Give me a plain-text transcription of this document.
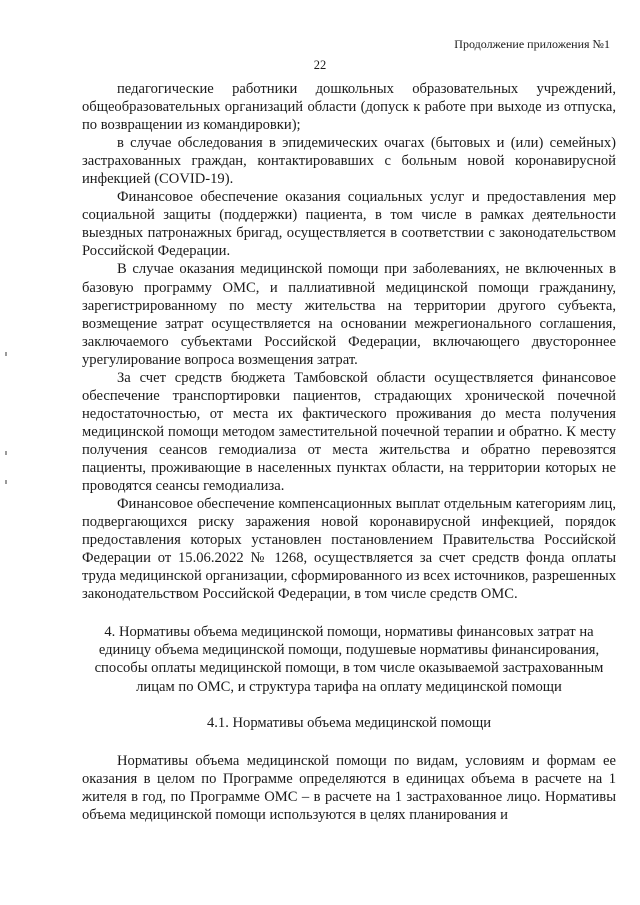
Продолжение приложения №1
22

педагогические работники дошкольных образовательных учреждений, общеобразовательных организаций области (допуск к работе при выходе из отпуска, по возвращении из командировки);

в случае обследования в эпидемических очагах (бытовых и (или) семейных) застрахованных граждан, контактировавших с больным новой коронавирусной инфекцией (COVID-19).

Финансовое обеспечение оказания социальных услуг и предоставления мер социальной защиты (поддержки) пациента, в том числе в рамках деятельности выездных патронажных бригад, осуществляется в соответствии с законодательством Российской Федерации.

В случае оказания медицинской помощи при заболеваниях, не включенных в базовую программу ОМС, и паллиативной медицинской помощи гражданину, зарегистрированному по месту жительства на территории другого субъекта, возмещение затрат осуществляется на основании межрегионального соглашения, заключаемого субъектами Российской Федерации, включающего двустороннее урегулирование вопроса возмещения затрат.

За счет средств бюджета Тамбовской области осуществляется финансовое обеспечение транспортировки пациентов, страдающих хронической почечной недостаточностью, от места их фактического проживания до места получения медицинской помощи методом заместительной почечной терапии и обратно. К месту получения сеансов гемодиализа от места жительства и обратно перевозятся пациенты, проживающие в населенных пунктах области, на территории которых не проводятся сеансы гемодиализа.

Финансовое обеспечение компенсационных выплат отдельным категориям лиц, подвергающихся риску заражения новой коронавирусной инфекцией, порядок предоставления которых установлен постановлением Правительства Российской Федерации от 15.06.2022 № 1268, осуществляется за счет средств фонда оплаты труда медицинской организации, сформированного из всех источников, разрешенных законодательством Российской Федерации, в том числе средств ОМС.

4. Нормативы объема медицинской помощи, нормативы финансовых затрат на единицу объема медицинской помощи, подушевые нормативы финансирования, способы оплаты медицинской помощи, в том числе оказываемой застрахованным лицам по ОМС, и структура тарифа на оплату медицинской помощи
4.1. Нормативы объема медицинской помощи

Нормативы объема медицинской помощи по видам, условиям и формам ее оказания в целом по Программе определяются в единицах объема в расчете на 1 жителя в год, по Программе ОМС – в расчете на 1 застрахованное лицо. Нормативы объема медицинской помощи используются в целях планирования и
